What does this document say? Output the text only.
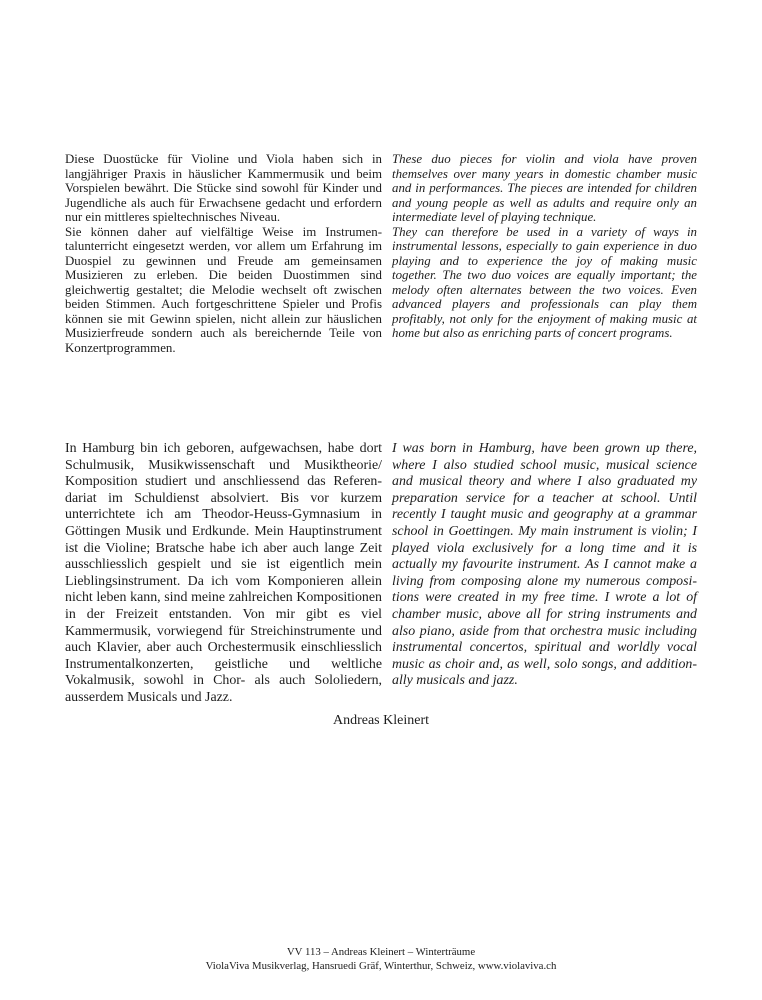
Diese Duostücke für Violine und Viola haben sich in langjähriger Praxis in häuslicher Kammermusik und beim Vorspielen bewährt. Die Stücke sind sowohl für Kinder und Jugendliche als auch für Erwachsene gedacht und erfordern nur ein mittleres spieltechnisches Niveau.

Sie können daher auf vielfältige Weise im Instrumentalunterricht eingesetzt werden, vor allem um Erfahrung im Duospiel zu gewinnen und Freude am gemeinsamen Musizieren zu erleben. Die beiden Duostimmen sind gleichwertig gestaltet; die Melodie wechselt oft zwischen beiden Stimmen. Auch fortgeschrittene Spieler und Profis können sie mit Gewinn spielen, nicht allein zur häuslichen Musizierfreude sondern auch als bereichernde Teile von Konzertprogrammen.

These duo pieces for violin and viola have proven themselves over many years in domestic chamber music and in performances. The pieces are intended for children and young people as well as adults and require only an intermediate level of playing technique.

They can therefore be used in a variety of ways in instrumental lessons, especially to gain experience in duo playing and to experience the joy of making music together. The two duo voices are equally important; the melody often alternates between the two voices. Even advanced players and professionals can play them profitably, not only for the enjoyment of making music at home but also as enriching parts of concert programs.

In Hamburg bin ich geboren, aufgewachsen, habe dort Schulmusik, Musikwissenschaft und Musiktheorie/​Komposition studiert und anschliessend das Referendariat im Schuldienst absolviert. Bis vor kurzem unterrichtete ich am Theodor-Heuss-Gymnasium in Göttingen Musik und Erdkunde. Mein Hauptinstrument ist die Violine; Bratsche habe ich aber auch lange Zeit ausschliesslich gespielt und sie ist eigentlich mein Lieblingsinstrument. Da ich vom Komponieren allein nicht leben kann, sind meine zahlreichen Kompositionen in der Freizeit entstanden. Von mir gibt es viel Kammermusik, vorwiegend für Streichinstrumente und auch Klavier, aber auch Orchestermusik einschliesslich Instrumentalkonzerten, geistliche und weltliche Vokalmusik, sowohl in Chor- als auch Sololiedern, ausserdem Musicals und Jazz.

I was born in Hamburg, have been grown up there, where I also studied school music, musical science and musical theory and where I also graduated my preparation service for a teacher at school. Until recently I taught music and geography at a grammar school in Goettingen. My main instrument is violin; I played viola exclusively for a long time and it is actually my favourite instrument. As I cannot make a living from composing alone my numerous compositions were created in my free time. I wrote a lot of chamber music, above all for string instruments and also piano, aside from that orchestra music including instrumental concertos, spiritual and worldly vocal music as choir and, as well, solo songs, and additionally musicals and jazz.

Andreas Kleinert
VV 113 – Andreas Kleinert – Winterträume
ViolaViva Musikverlag, Hansruedi Gräf, Winterthur, Schweiz, www.violaviva.ch
